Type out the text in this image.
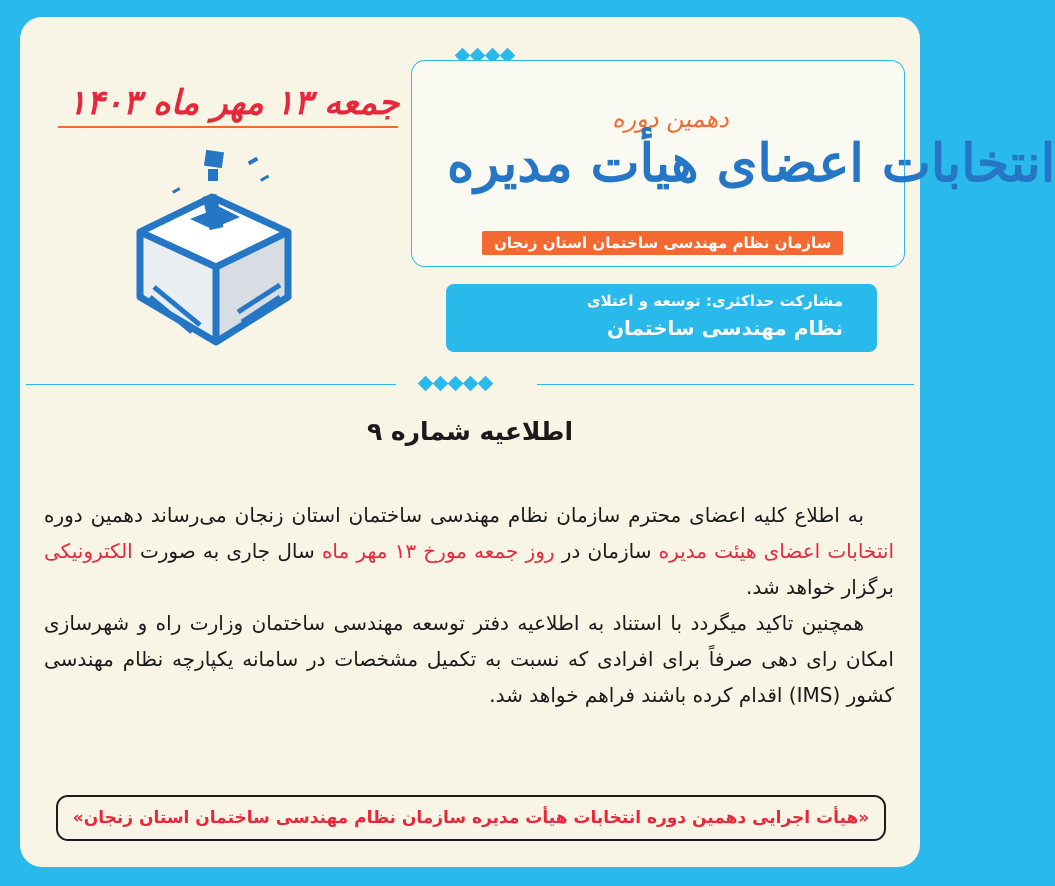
دهمین دوره
انتخابات اعضای هیأت مدیره
سازمان نظام مهندسی ساختمان استان زنجان
مشارکت حداکثری: توسعه و اعتلای
نظام مهندسی ساختمان
جمعه ۱۳ مهر ماه ۱۴۰۳
اطلاعیه شماره ۹

به اطلاع کلیه اعضای محترم سازمان نظام مهندسی ساختمان استان زنجان می‌رساند دهمین دوره انتخابات اعضای هیئت مدیره سازمان در روز جمعه مورخ ۱۳ مهر ماه سال جاری به صورت الکترونیکی برگزار خواهد شد.

همچنین تاکید میگردد با استناد به اطلاعیه دفتر توسعه مهندسی ساختمان وزارت راه و شهرسازی امکان رای دهی صرفاً برای افرادی که نسبت به تکمیل مشخصات در سامانه یکپارچه نظام مهندسی کشور (IMS) اقدام کرده باشند فراهم خواهد شد.

«هیأت اجرایی دهمین دوره انتخابات هیأت مدیره سازمان نظام مهندسی ساختمان استان زنجان»
